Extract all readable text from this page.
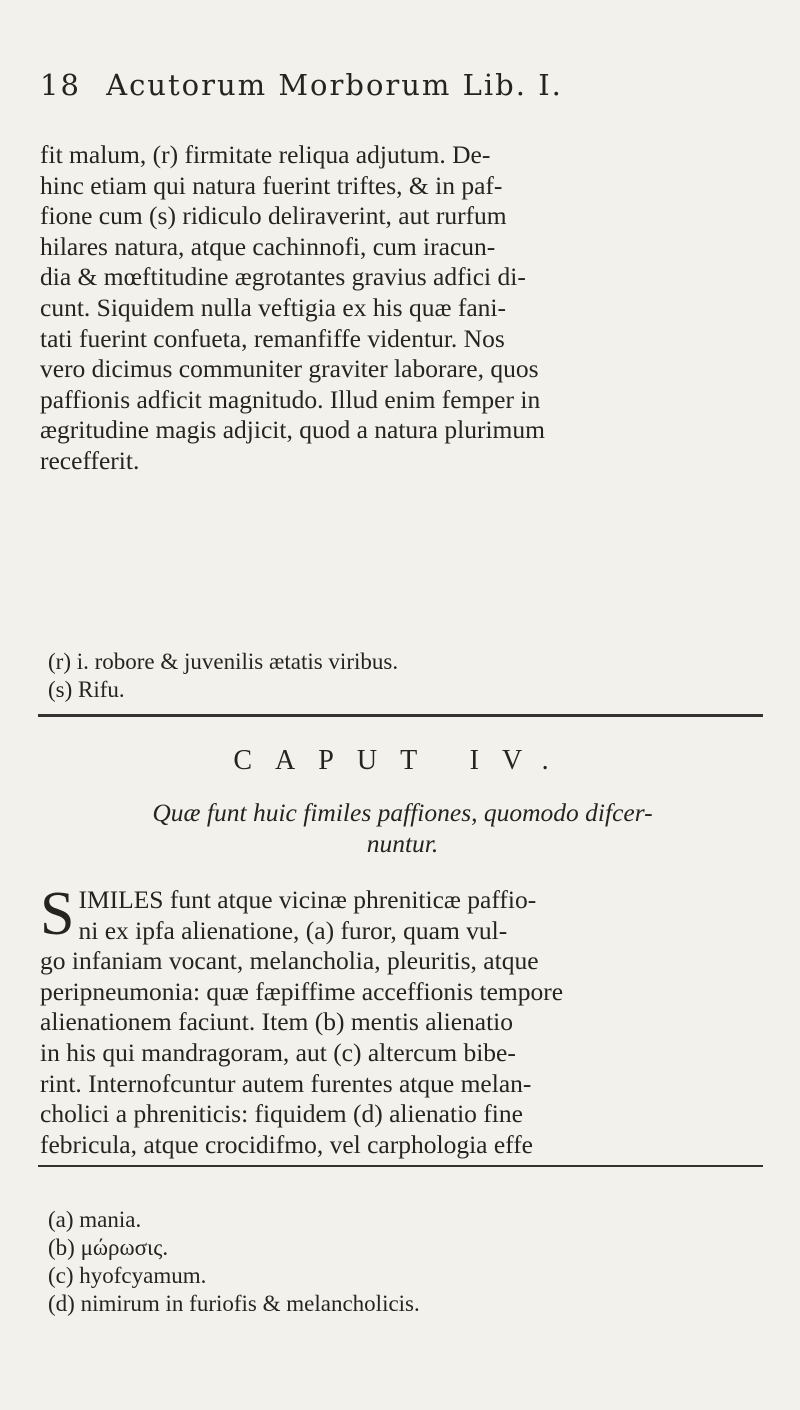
18 Acutorum Morborum Lib. I.
fit malum, (r) firmitate reliqua adjutum. De-
hinc etiam qui natura fuerint triftes, & in paf-
fione cum (s) ridiculo deliraverint, aut rurfum
hilares natura, atque cachinnofi, cum iracun-
dia & mœftitudine ægrotantes gravius adfici di-
cunt. Siquidem nulla veftigia ex his quæ fani-
tati fuerint confueta, remanfiffe videntur. Nos
vero dicimus communiter graviter laborare, quos
paffionis adficit magnitudo. Illud enim femper in
ægritudine magis adjicit, quod a natura plurimum
recefferit.
(r) i. robore & juvenilis ætatis viribus.
(s) Rifu.
CAPUT IV.
Quæ funt huic fimiles paffiones, quomodo difcer-
nuntur.
S IMILES funt atque vicinæ phreniticæ paffio-
ni ex ipfa alienatione, (a) furor, quam vul-
go infaniam vocant, melancholia, pleuritis, atque
peripneumonia: quæ fæpiffime acceffionis tempore
alienationem faciunt. Item (b) mentis alienatio
in his qui mandragoram, aut (c) altercum bibe-
rint. Internofcuntur autem furentes atque melan-
cholici a phreniticis: fiquidem (d) alienatio fine
febricula, atque crocidifmo, vel carphologia effe
(a) mania.
(b) μώρωσις.
(c) hyofcyamum.
(d) nimirum in furiofis & melancholicis.
